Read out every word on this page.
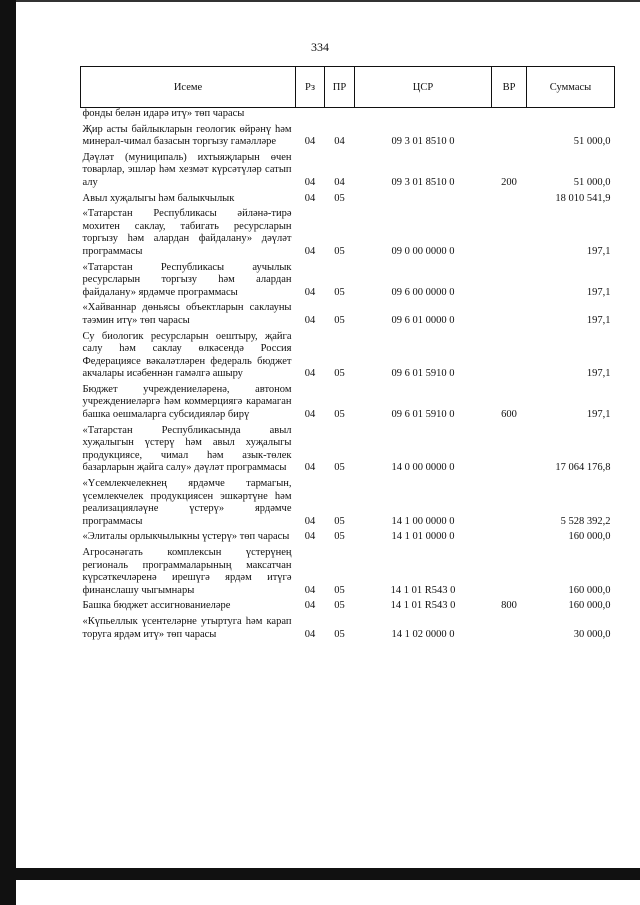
334
Исеме	Рз	ПР	ЦСР	ВР	Суммасы
фонды белән идарә итү» төп чарасы					
Җир асты байлыкларын геологик өйрәнү һәм минерал-чимал базасын торгызу гамәлләре	04	04	09 3 01 8510 0		51 000,0
Дәүләт (муниципаль) ихтыяҗларын өчен товарлар, эшләр һәм хезмәт күрсәтүләр сатып алу	04	04	09 3 01 8510 0	200	51 000,0
Авыл хуҗалыгы һәм балыкчылык	04	05			18 010 541,9
«Татарстан Республикасы әйләнә-тирә мохитен саклау, табигать ресурсларын торгызу һәм алардан файдалану» дәүләт программасы	04	05	09 0 00 0000 0		197,1
«Татарстан Республикасы аучылык ресурсларын торгызу һәм алардан файдалану» ярдәмче программасы	04	05	09 6 00 0000 0		197,1
«Хайваннар дөньясы объектларын саклауны тәэмин итү» төп чарасы	04	05	09 6 01 0000 0		197,1
Су биологик ресурсларын оештыру, җайга салу һәм саклау өлкәсендә Россия Федерациясе вәкаләтләрен федераль бюджет акчалары исәбеннән гамәлгә ашыру	04	05	09 6 01 5910 0		197,1
Бюджет учреждениеләренә, автоном учреждениеләргә һәм коммерциягә карамаган башка оешмаларга субсидияләр бирү	04	05	09 6 01 5910 0	600	197,1
«Татарстан Республикасында авыл хуҗалыгын үстерү һәм авыл хуҗалыгы продукциясе, чимал һәм азык-төлек базарларын җайга салу» дәүләт программасы	04	05	14 0 00 0000 0		17 064 176,8
«Үсемлекчелекнең ярдәмче тармагын, үсемлекчелек продукциясен эшкәртүне һәм реализацияләүне үстерү» ярдәмче программасы	04	05	14 1 00 0000 0		5 528 392,2
«Элиталы орлыкчылыкны үстерү» төп чарасы	04	05	14 1 01 0000 0		160 000,0
Агросәнәгать комплексын үстерүнең региональ программаларының максатчан күрсәткечләренә ирешүгә ярдәм итүгә финанслашу чыгымнары	04	05	14 1 01 R543 0		160 000,0
Башка бюджет ассигнованиеләре	04	05	14 1 01 R543 0	800	160 000,0
«Күпьеллык үсентеләрне утыртуга һәм карап торуга ярдәм итү» төп чарасы	04	05	14 1 02 0000 0		30 000,0
